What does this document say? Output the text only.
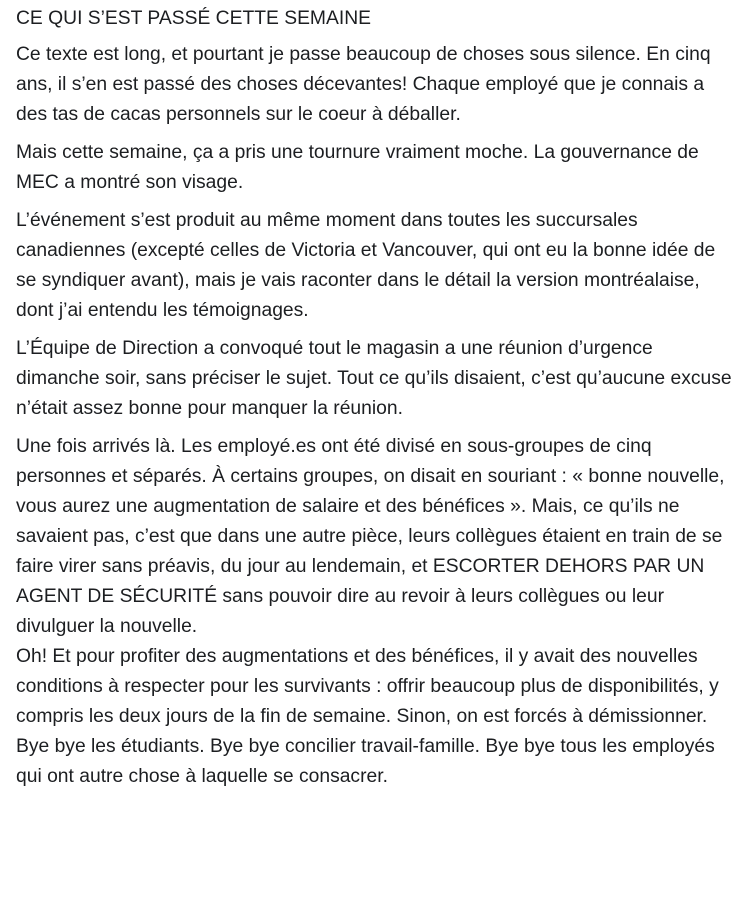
CE QUI S’EST PASSÉ CETTE SEMAINE

Ce texte est long, et pourtant je passe beaucoup de choses sous silence. En cinq ans, il s’en est passé des choses décevantes! Chaque employé que je connais a des tas de cacas personnels sur le coeur à déballer.

Mais cette semaine, ça a pris une tournure vraiment moche. La gouvernance de MEC a montré son visage.

L’événement s’est produit au même moment dans toutes les succursales canadiennes (excepté celles de Victoria et Vancouver, qui ont eu la bonne idée de se syndiquer avant), mais je vais raconter dans le détail la version montréalaise, dont j’ai entendu les témoignages.

L’Équipe de Direction a convoqué tout le magasin a une réunion d’urgence dimanche soir, sans préciser le sujet. Tout ce qu’ils disaient, c’est qu’aucune excuse n’était assez bonne pour manquer la réunion.

Une fois arrivés là. Les employé.es ont été divisé en sous-groupes de cinq personnes et séparés. À certains groupes, on disait en souriant : « bonne nouvelle, vous aurez une augmentation de salaire et des bénéfices ». Mais, ce qu’ils ne savaient pas, c’est que dans une autre pièce, leurs collègues étaient en train de se faire virer sans préavis, du jour au lendemain, et ESCORTER DEHORS PAR UN AGENT DE SÉCURITÉ sans pouvoir dire au revoir à leurs collègues ou leur divulguer la nouvelle.

Oh! Et pour profiter des augmentations et des bénéfices, il y avait des nouvelles conditions à respecter pour les survivants : offrir beaucoup plus de disponibilités, y compris les deux jours de la fin de semaine. Sinon, on est forcés à démissionner. Bye bye les étudiants. Bye bye concilier travail-famille. Bye bye tous les employés qui ont autre chose à laquelle se consacrer.
